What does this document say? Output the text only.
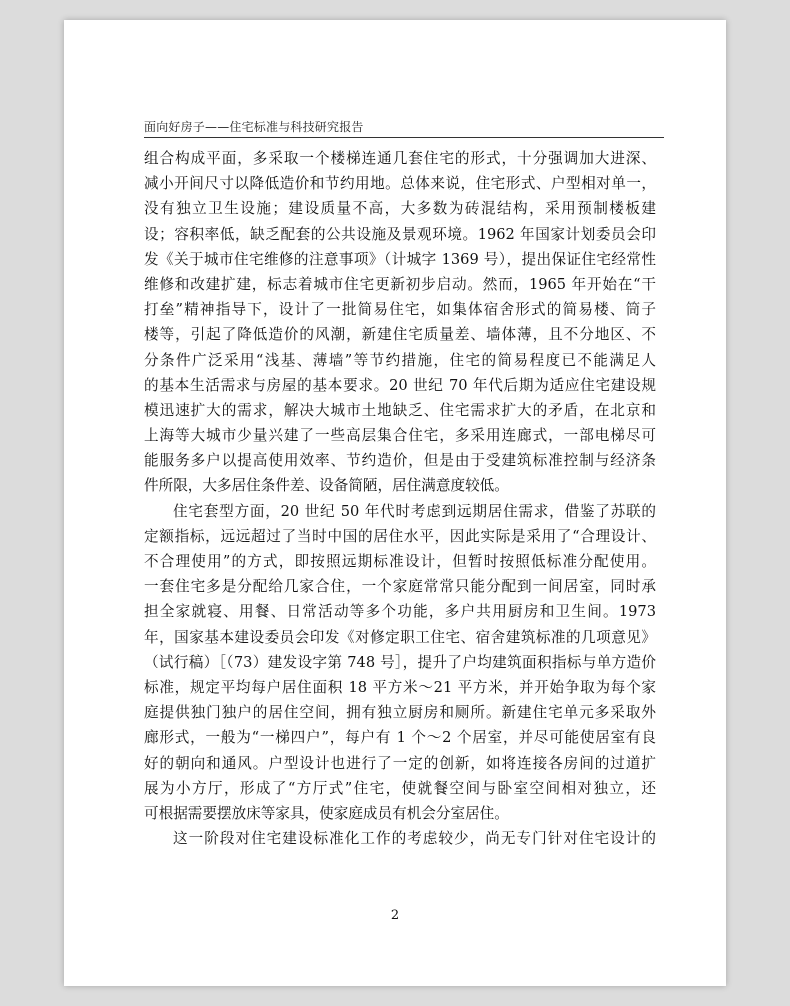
面向好房子——住宅标准与科技研究报告
组合构成平面，多采取一个楼梯连通几套住宅的形式，十分强调加大进深、
减小开间尺寸以降低造价和节约用地。总体来说，住宅形式、户型相对单一，
没有独立卫生设施；建设质量不高，大多数为砖混结构，采用预制楼板建
设；容积率低，缺乏配套的公共设施及景观环境。1962 年国家计划委员会印
发《关于城市住宅维修的注意事项》（计城字 1369 号），提出保证住宅经常性
维修和改建扩建，标志着城市住宅更新初步启动。然而，1965 年开始在“干
打垒”精神指导下，设计了一批简易住宅，如集体宿舍形式的简易楼、筒子
楼等，引起了降低造价的风潮，新建住宅质量差、墙体薄，且不分地区、不
分条件广泛采用“浅基、薄墙”等节约措施，住宅的简易程度已不能满足人
的基本生活需求与房屋的基本要求。20 世纪 70 年代后期为适应住宅建设规
模迅速扩大的需求，解决大城市土地缺乏、住宅需求扩大的矛盾，在北京和
上海等大城市少量兴建了一些高层集合住宅，多采用连廊式，一部电梯尽可
能服务多户以提高使用效率、节约造价，但是由于受建筑标准控制与经济条
件所限，大多居住条件差、设备简陋，居住满意度较低。
住宅套型方面，20 世纪 50 年代时考虑到远期居住需求，借鉴了苏联的
定额指标，远远超过了当时中国的居住水平，因此实际是采用了“合理设计、
不合理使用”的方式，即按照远期标准设计，但暂时按照低标准分配使用。
一套住宅多是分配给几家合住，一个家庭常常只能分配到一间居室，同时承
担全家就寝、用餐、日常活动等多个功能，多户共用厨房和卫生间。1973
年，国家基本建设委员会印发《对修定职工住宅、宿舍建筑标准的几项意见》
（试行稿）［（73）建发设字第 748 号］，提升了户均建筑面积指标与单方造价
标准，规定平均每户居住面积 18 平方米～21 平方米，并开始争取为每个家
庭提供独门独户的居住空间，拥有独立厨房和厕所。新建住宅单元多采取外
廊形式，一般为“一梯四户”，每户有 1 个～2 个居室，并尽可能使居室有良
好的朝向和通风。户型设计也进行了一定的创新，如将连接各房间的过道扩
展为小方厅，形成了“方厅式”住宅，使就餐空间与卧室空间相对独立，还
可根据需要摆放床等家具，使家庭成员有机会分室居住。
这一阶段对住宅建设标准化工作的考虑较少，尚无专门针对住宅设计的
2
